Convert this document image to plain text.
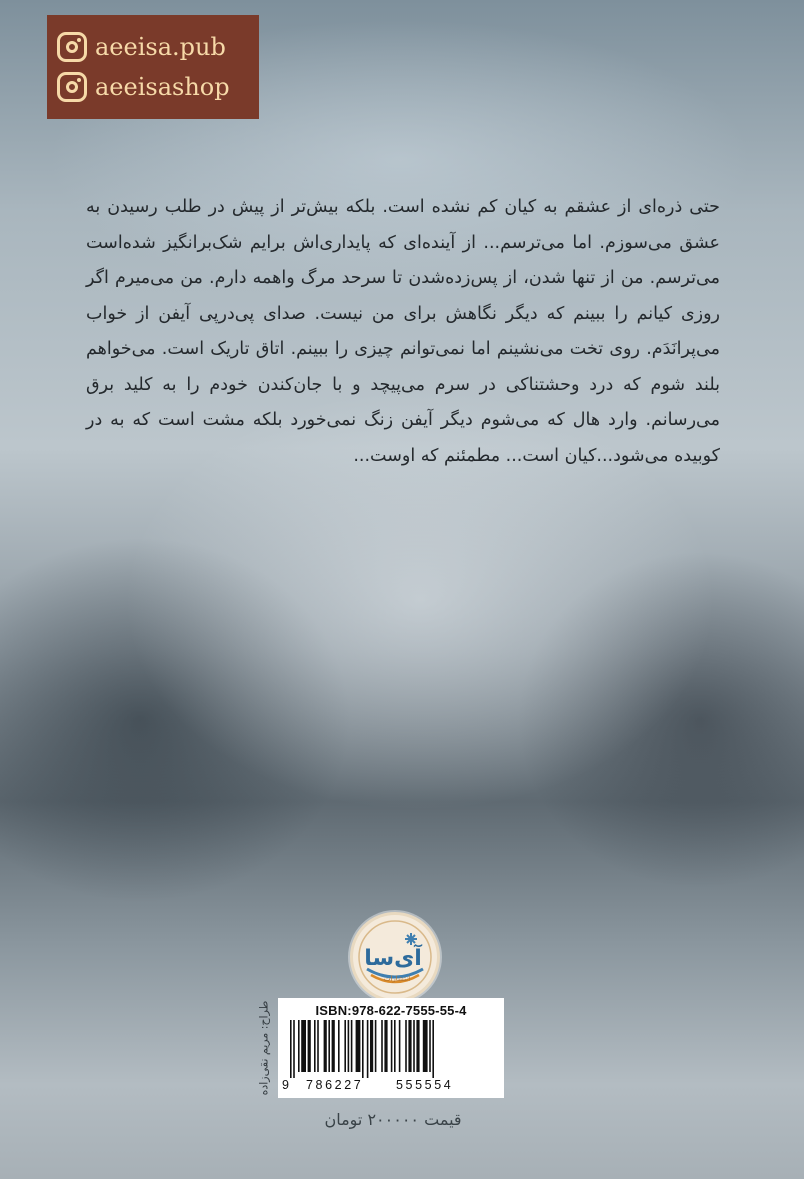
aeeisa.pub
aeeisashop
حتی ذره‌ای از عشقم به کیان کم نشده است. بلکه بیش‌تر از پیش در طلب رسیدن به عشق می‌سوزم. اما می‌ترسم... از آینده‌ای که پایداری‌اش برایم شک‌برانگیز شده‌است می‌ترسم. من از تنها شدن، از پس‌زده‌شدن تا سرحد مرگ واهمه دارم. من می‌میرم اگر روزی کیانم را ببینم که دیگر نگاهش برای من نیست. صدای پی‌درپی آیفن از خواب می‌پرانَدَم. روی تخت می‌نشینم اما نمی‌توانم چیزی را ببینم. اتاق تاریک است. می‌خواهم بلند شوم که درد وحشتناکی در سرم می‌پیچد و با جان‌کندن خودم را به کلید برق می‌رسانم. وارد هال که می‌شوم دیگر آیفن زنگ نمی‌خورد بلکه مشت است که به در کوبیده می‌شود...کیان است... مطمئنم که اوست...
آی‌سا
انتشارات
ISBN:978-622-7555-55-4
9 786227	555554
طراح: مریم نقی‌زاده
قیمت ۲۰۰۰۰۰ تومان
